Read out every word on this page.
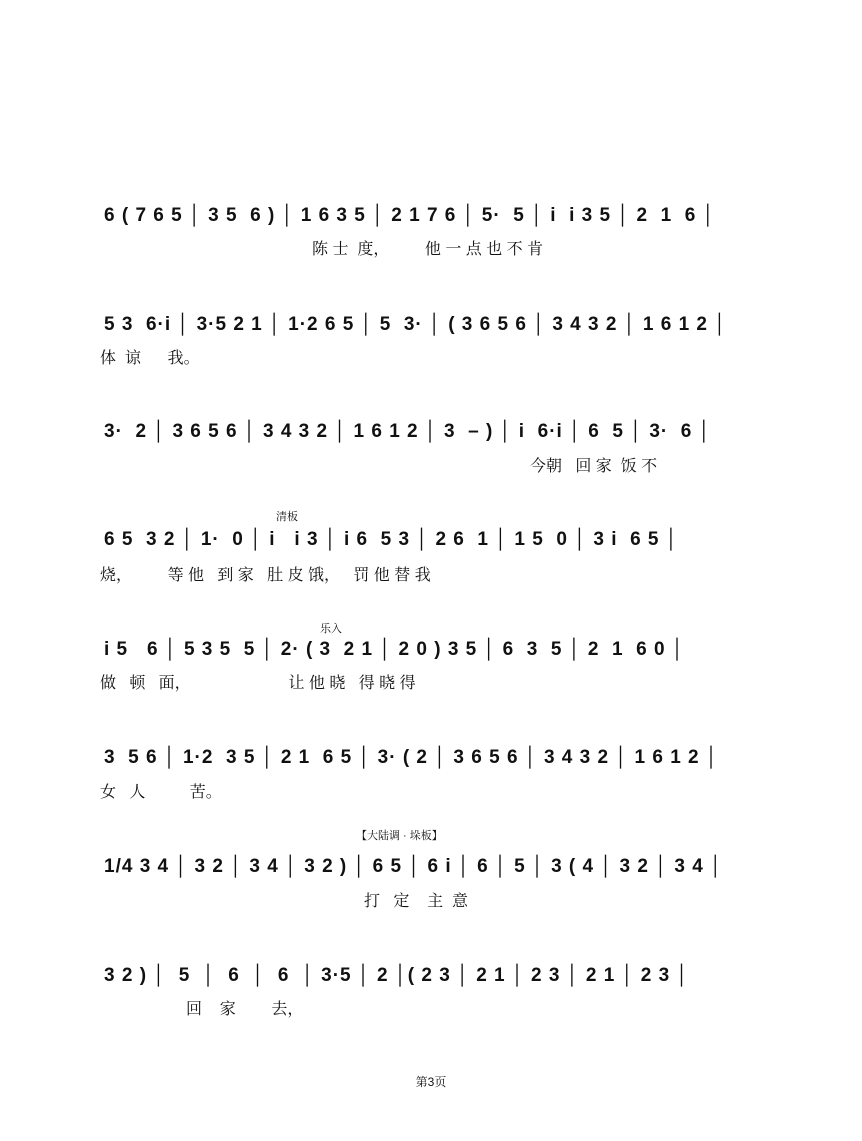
6 ( 7 6 5 │ 3 5  6 ) │ 1 6 3 5 │ 2 1 7 6 │ 5·  5 │ i  i 3 5 │ 2  1  6 │
陈 士  度，        他 一 点 也 不 肯
5 3  6·i │ 3·5 2 1 │ 1·2 6 5 │ 5  3· │ ( 3 6 5 6 │ 3 4 3 2 │ 1 6 1 2 │
体  谅      我。
3·  2 │ 3 6 5 6 │ 3 4 3 2 │ 1 6 1 2 │ 3  – ) │ i  6·i │ 6  5 │ 3·  6 │
今朝   回 家  饭 不
清板
6 5  3 2 │ 1·  0 │ i   i 3 │ i 6  5 3 │ 2 6  1 │ 1 5  0 │ 3 i  6 5 │
烧，        等 他   到 家   肚 皮 饿，   罚 他 替 我
乐入
i 5   6 │ 5 3 5  5 │ 2· ( 3  2 1 │ 2 0 ) 3 5 │ 6  3  5 │ 2  1  6 0 │
做   顿   面，                      让 他 晓   得 晓 得
3  5 6 │ 1·2  3 5 │ 2 1  6 5 │ 3· ( 2 │ 3 6 5 6 │ 3 4 3 2 │ 1 6 1 2 │
女   人          苦。
【大陆调 · 垛板】
1/4 3 4 │ 3 2 │ 3 4 │ 3 2 ) │ 6 5 │ 6 i │ 6 │ 5 │ 3 ( 4 │ 3 2 │ 3 4 │
打   定    主  意
3 2 ) │  5  │  6  │  6  │ 3·5 │ 2 │( 2 3 │ 2 1 │ 2 3 │ 2 1 │ 2 3 │
回    家        去，
第3页
